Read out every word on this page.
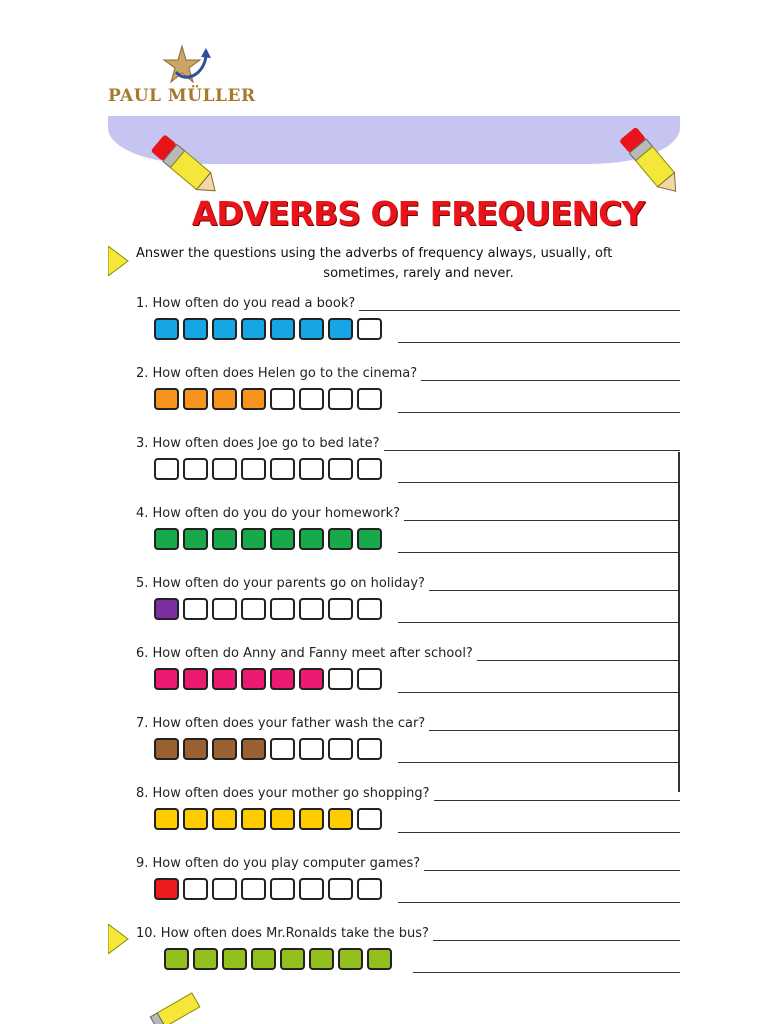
PAUL MÜLLER
ADVERBS OF FREQUENCY
Answer the questions using the adverbs of frequency always, usually, oft
sometimes, rarely and never.
1. How often do you read a book?
2. How often does Helen go to the cinema?
3. How often does Joe go to bed late?
4. How often do you do your homework?
5. How often do your parents go on holiday?
6. How often do Anny and Fanny meet after school?
7. How often does your father wash the car?
8. How often does your mother go shopping?
9. How often do you play computer games?
10. How often does Mr.Ronalds take the bus?
